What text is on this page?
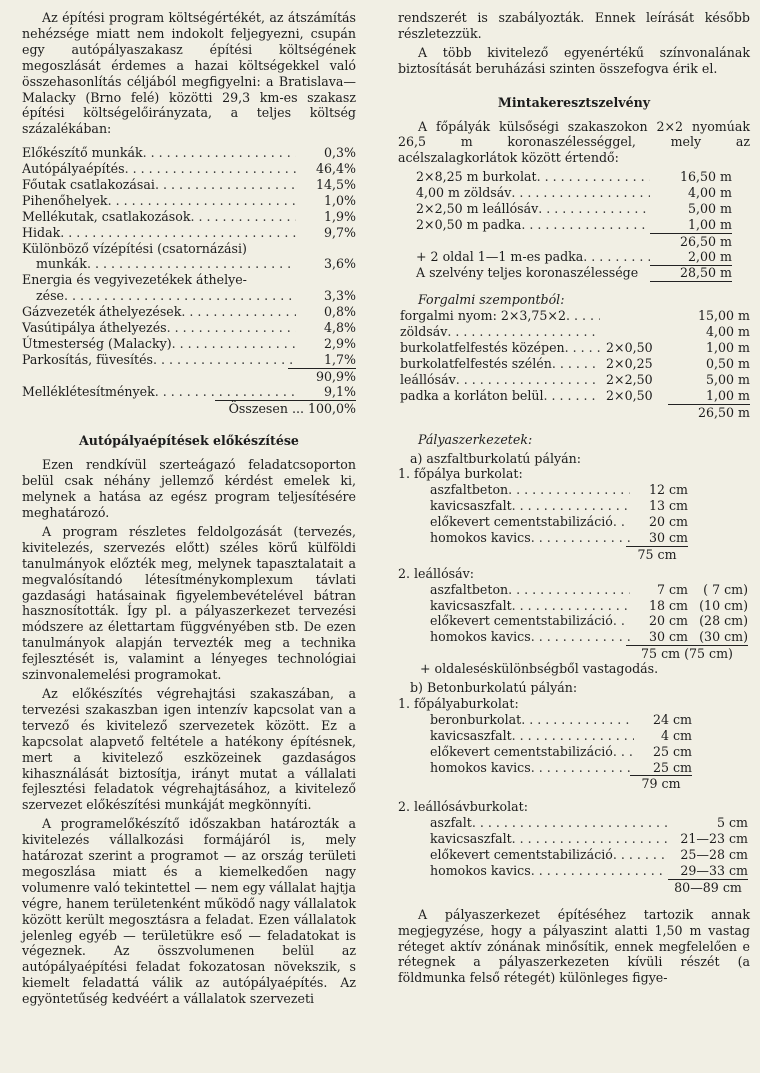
Az építési program költségértékét, az átszámítás nehézsége miatt nem indokolt feljegyezni, csupán egy autópályaszakasz építési költségének megoszlását érdemes a hazai költségekkel való összehasonlítás céljából megfigyelni: a Bratislava—Malacky (Brno felé) közötti 29,3 km-es szakasz építési költségelőirányzata, a teljes költség százalékában:

Előkészítő munkák . . .	0,3%
Autópályaépítés . . .	46,4%
Főutak csatlakozásai . . .	14,5%
Pihenőhelyek . . .	1,0%
Mellékutak, csatlakozások . . .	1,9%
Hidak . . .	9,7%
Különböző vízépítési (csatornázási)
munkák . . .	3,6%
Energia és vegyivezetékek áthelye-
zése . . .	3,3%
Gázvezeték áthelyezések . . .	0,8%
Vasútipálya áthelyezés . . .	4,8%
Útmesterség (Malacky) . . .	2,9%
Parkosítás, füvesítés . . .	1,7%
90,9%
Melléklétesítmények . . .	9,1%
Összesen ... 100,0%
Autópályaépítések előkészítése

Ezen rendkívül szerteágazó feladatcsoporton belül csak néhány jellemző kérdést emelek ki, melynek a hatása az egész program teljesítésére meghatározó.

A program részletes feldolgozását (tervezés, kivitelezés, szervezés előtt) széles körű külföldi tanulmányok előzték meg, melynek tapasztalatait a megvalósítandó létesítménykomplexum távlati gazdasági hatásainak figyelembevételével bátran hasznosították. Így pl. a pályaszerkezet tervezési módszere az élettartam függvényében stb. De ezen tanulmányok alapján tervezték meg a technika fejlesztését is, valamint a lényeges technológiai szinvonalemelési programokat.

Az előkészítés végrehajtási szakaszában, a tervezési szakaszban igen intenzív kapcsolat van a tervező és kivitelező szervezetek között. Ez a kapcsolat alapvető feltétele a hatékony építésnek, mert a kivitelező eszközeinek gazdaságos kihasználását biztosítja, irányt mutat a vállalati fejlesztési feladatok végrehajtásához, a kivitelező szervezet előkészítési munkáját megkönnyíti.

A programelőkészítő időszakban határozták a kivitelezés vállalkozási formájáról is, mely határozat szerint a programot — az ország területi megoszlása miatt és a kiemelkedően nagy volumenre való tekintettel — nem egy vállalat hajtja végre, hanem területenként működő nagy vállalatok között került megosztásra a feladat. Ezen vállalatok jelenleg egyéb — területükre eső — feladatokat is végeznek. Az összvolumenen belül az autópályaépítési feladat fokozatosan növekszik, s kiemelt feladattá válik az autópályaépítés. Az egyöntetűség kedvéért a vállalatok szervezeti

rendszerét is szabályozták. Ennek leírását később részletezzük.

A több kivitelező egyenértékű színvonalának biztosítását beruházási szinten összefogva érik el.

Mintakeresztszelvény

A főpályák külsőségi szakaszokon 2×2 nyomúak 26,5 m koronaszélességgel, mely az acélszalagkorlátok között értendő:

2×8,25 m burkolat . . .	16,50 m
4,00 m zöldsáv . . .	4,00 m
2×2,50 m leállósáv . . .	5,00 m
2×0,50 m padka . . .	1,00 m
26,50 m
+ 2 oldal 1—1 m-es padka . . .	2,00 m
A szelvény teljes koronaszélessége	28,50 m

Forgalmi szempontból:

forgalmi nyom: 2×3,75×2 . . .	15,00 m
zöldsáv . . .	4,00 m
burkolatfelfestés középen . . .	2×0,50	1,00 m
burkolatfelfestés szélén . . .	2×0,25	0,50 m
leállósáv . . .	2×2,50	5,00 m
padka a korláton belül . . .	2×0,50	1,00 m
26,50 m

Pályaszerkezetek:

a) aszfaltburkolatú pályán:
1. főpálya burkolat:
aszfaltbeton . . .	12 cm
kavicsaszfalt . . .	13 cm
előkevert cementstabilizáció . . .	20 cm
homokos kavics . . .	30 cm
75 cm
2. leállósáv:
aszfaltbeton . . .	7 cm	( 7 cm)
kavicsaszfalt . . .	18 cm (10 cm)
előkevert cementstabilizáció . . .	20 cm (28 cm)
homokos kavics . . .	30 cm (30 cm)
75 cm (75 cm)
+ oldaleséskülönbségből vastagodás.
b) Betonburkolatú pályán:
1. főpályaburkolat:
beronburkolat . . .	24 cm
kavicsaszfalt . . .	4 cm
előkevert cementstabilizáció . . .	25 cm
homokos kavics . . .	25 cm
79 cm
2. leállósávburkolat:
aszfalt . . .	5 cm
kavicsaszfalt . . .	21—23 cm
előkevert cementstabilizáció . . .	25—28 cm
homokos kavics . . .	29—33 cm
80—89 cm

A pályaszerkezet építéséhez tartozik annak megjegyzése, hogy a pályaszint alatti 1,50 m vastag réteget aktív zónának minősítik, ennek megfelelően e rétegnek a pályaszerkezeten kívüli részét (a földmunka felső rétegét) különleges figye-
